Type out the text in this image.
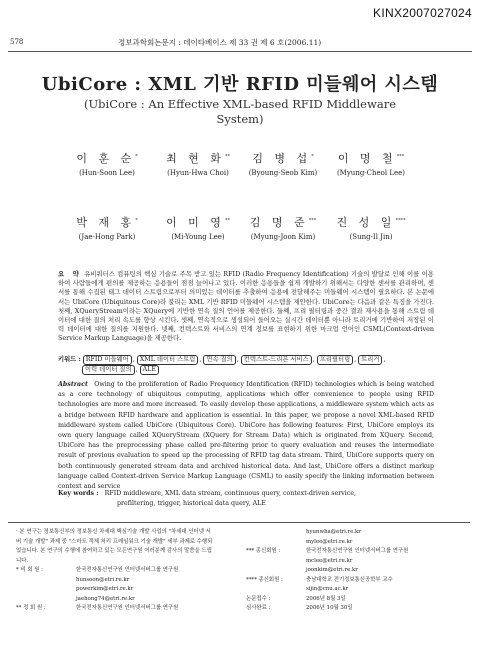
KINX2007027024
578	정보과학회논문지 : 데이타베이스 제 33 권 제 6 호(2006.11)
UbiCore : XML 기반 RFID 미들웨어 시스템
(UbiCore : An Effective XML-based RFID Middleware
System)
이 훈 순*
(Hun-Soon Lee)
최 현 화**
(Hyun-Hwa Choi)
김 병 섭*
(Byoung-Seob Kim)
이 명 철***
(Myung-Cheol Lee)
박 재 홍*
(Jae-Hong Park)
이 미 영**
(Mi-Young Lee)
김 명 준***
(Myung-Joon Kim)
진 성 일****
(Sung-Il Jin)
요 약 유비쿼터스 컴퓨팅의 핵심 기술로 주목 받고 있는 RFID (Radio Frequency Identification) 기술의 발달로 인해 이를 이용하여 사람들에게 편의를 제공하는 응용들이 점점 늘어나고 있다. 이러한 응용들을 쉽게 개발하기 위해서는 다양한 센서를 관리하며, 센서를 통해 수집된 태그 데이터 스트림으로부터 의미있는 데이터를 추출하여 응용에 전달해주는 미들웨어 시스템이 필요하다. 본 논문에서는 UbiCore (Ubiquitous Core)라 불리는 XML 기반 RFID 미들웨어 시스템을 제안한다. UbiCore는 다음과 같은 특징을 가진다. 첫째, XQueryStream이라는 XQuery에 기반한 연속 질의 언어를 제공한다. 둘째, 프리 필터링과 중간 결과 재사용을 통해 스트림 데이터에 대한 질의 처리 속도를 향상 시킨다. 셋째, 연속적으로 생성되어 들어오는 실시간 데이터뿐 아니라 트리거에 기반하여 저장된 이력 데이터에 대한 질의를 지원한다. 넷째, 컨텍스트와 서비스의 연계 정보를 표현하기 위한 마크업 언어인 CSML(Context-driven Service Markup Language)을 제공한다.
키워드 : RFID 미들웨어 , XML 데이터 스트림 , 연속 질의 , 컨텍스트-드리븐 서비스 , 프리필터링 , 트리거 ,
이력 데이터 질의 , ALE
Abstract Owing to the proliferation of Radio Frequency Identification (RFID) technologies which is being watched as a core technology of ubiquitous computing, applications which offer convenience to people using RFID technologies are more and more increased. To easily develop these applications, a middleware system which acts as a bridge between RFID hardware and application is essential. In this paper, we propose a novel XML-based RFID middleware system called UbiCore (Ubiquitous Core). UbiCore has following features: First, UbiCore employs its own query language called XQueryStream (XQuery for Stream Data) which is originated from XQuery. Second, UbiCore has the preprocessing phase called pre-filtering prior to query evaluation and reuses the intermediate result of previous evaluation to speed up the processing of RFID tag data stream. Third, UbiCore supports query on both continuously generated stream data and archived historical data. And last, UbiCore offers a distinct markup language called Context-driven Service Markup Language (CSML) to easily specify the linking information between context and service
Key words : RFID middleware, XML data stream, continuous query, context-driven service,
prefiltering, trigger, historical data query, ALE
· 본 연구는 정보통신부의 정보통신 차세대 핵심기술 개발 사업의 "차세대 인터넷 서버 기술 개발" 과제 중 "스마트 객체 처리 프레임워크 기술 개발" 세부 과제로 수행되었습니다. 본 연구의 수행에 참여하고 있는 모든연구원 여러분께 감사의 말씀을 드립니다.
* 비 회 원 :	한국전자통신연구원 인터넷서버그룹 연구원
hunsoon@etri.re.kr
powerkim@etri.re.kr
jaehong74@etri.re.kr
** 정 회 원 :	한국전자통신연구원 인터넷서버그룹 연구원
hyunwha@etri.re.kr
mylee@etri.re.kr
*** 종신회원 :	한국전자통신연구원 인터넷서버그룹 연구원
mclee@etri.re.kr
joonkim@etri.re.kr
**** 종신회원 :	충남대학교 전기정보통신공학부 교수
sijin@cnu.ac.kr
논문접수 :	2006년 8월 3일
심사완료 :	2006년 10월 30일
